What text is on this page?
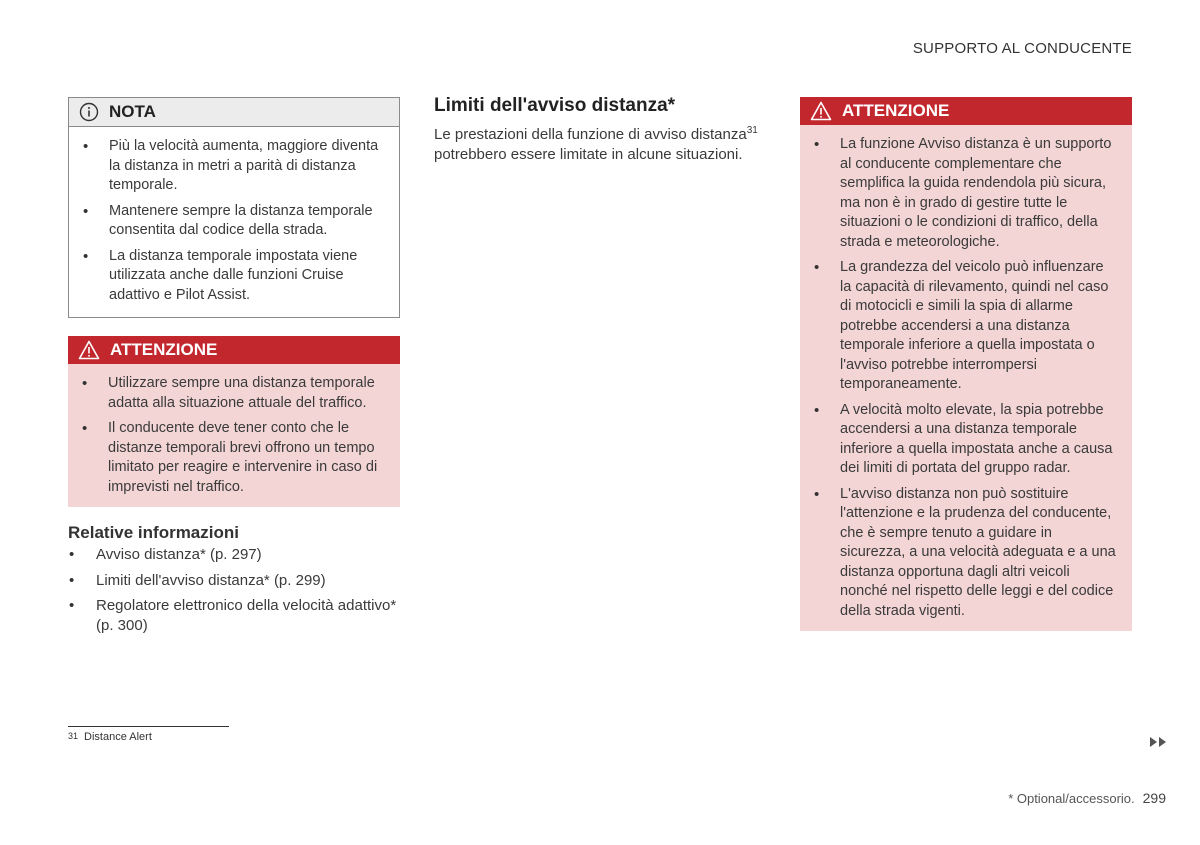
SUPPORTO AL CONDUCENTE
NOTA
• Più la velocità aumenta, maggiore diventa la distanza in metri a parità di distanza temporale.
• Mantenere sempre la distanza temporale consentita dal codice della strada.
• La distanza temporale impostata viene utilizzata anche dalle funzioni Cruise adattivo e Pilot Assist.
ATTENZIONE
• Utilizzare sempre una distanza temporale adatta alla situazione attuale del traffico.
• Il conducente deve tener conto che le distanze temporali brevi offrono un tempo limitato per reagire e intervenire in caso di imprevisti nel traffico.
Relative informazioni
• Avviso distanza* (p. 297)
• Limiti dell'avviso distanza* (p. 299)
• Regolatore elettronico della velocità adattivo* (p. 300)
Limiti dell'avviso distanza*
Le prestazioni della funzione di avviso distanza$^{31}$ potrebbero essere limitate in alcune situazioni.
ATTENZIONE
• La funzione Avviso distanza è un supporto al conducente complementare che semplifica la guida rendendola più sicura, ma non è in grado di gestire tutte le situazioni o le condizioni di traffico, della strada e meteorologiche.
• La grandezza del veicolo può influenzare la capacità di rilevamento, quindi nel caso di motocicli e simili la spia di allarme potrebbe accendersi a una distanza temporale inferiore a quella impostata o l'avviso potrebbe interrompersi temporaneamente.
• A velocità molto elevate, la spia potrebbe accendersi a una distanza temporale inferiore a quella impostata anche a causa dei limiti di portata del gruppo radar.
• L'avviso distanza non può sostituire l'attenzione e la prudenza del conducente, che è sempre tenuto a guidare in sicurezza, a una velocità adeguata e a una distanza opportuna dagli altri veicoli nonché nel rispetto delle leggi e del codice della strada vigenti.
31 Distance Alert
* Optional/accessorio. 299
